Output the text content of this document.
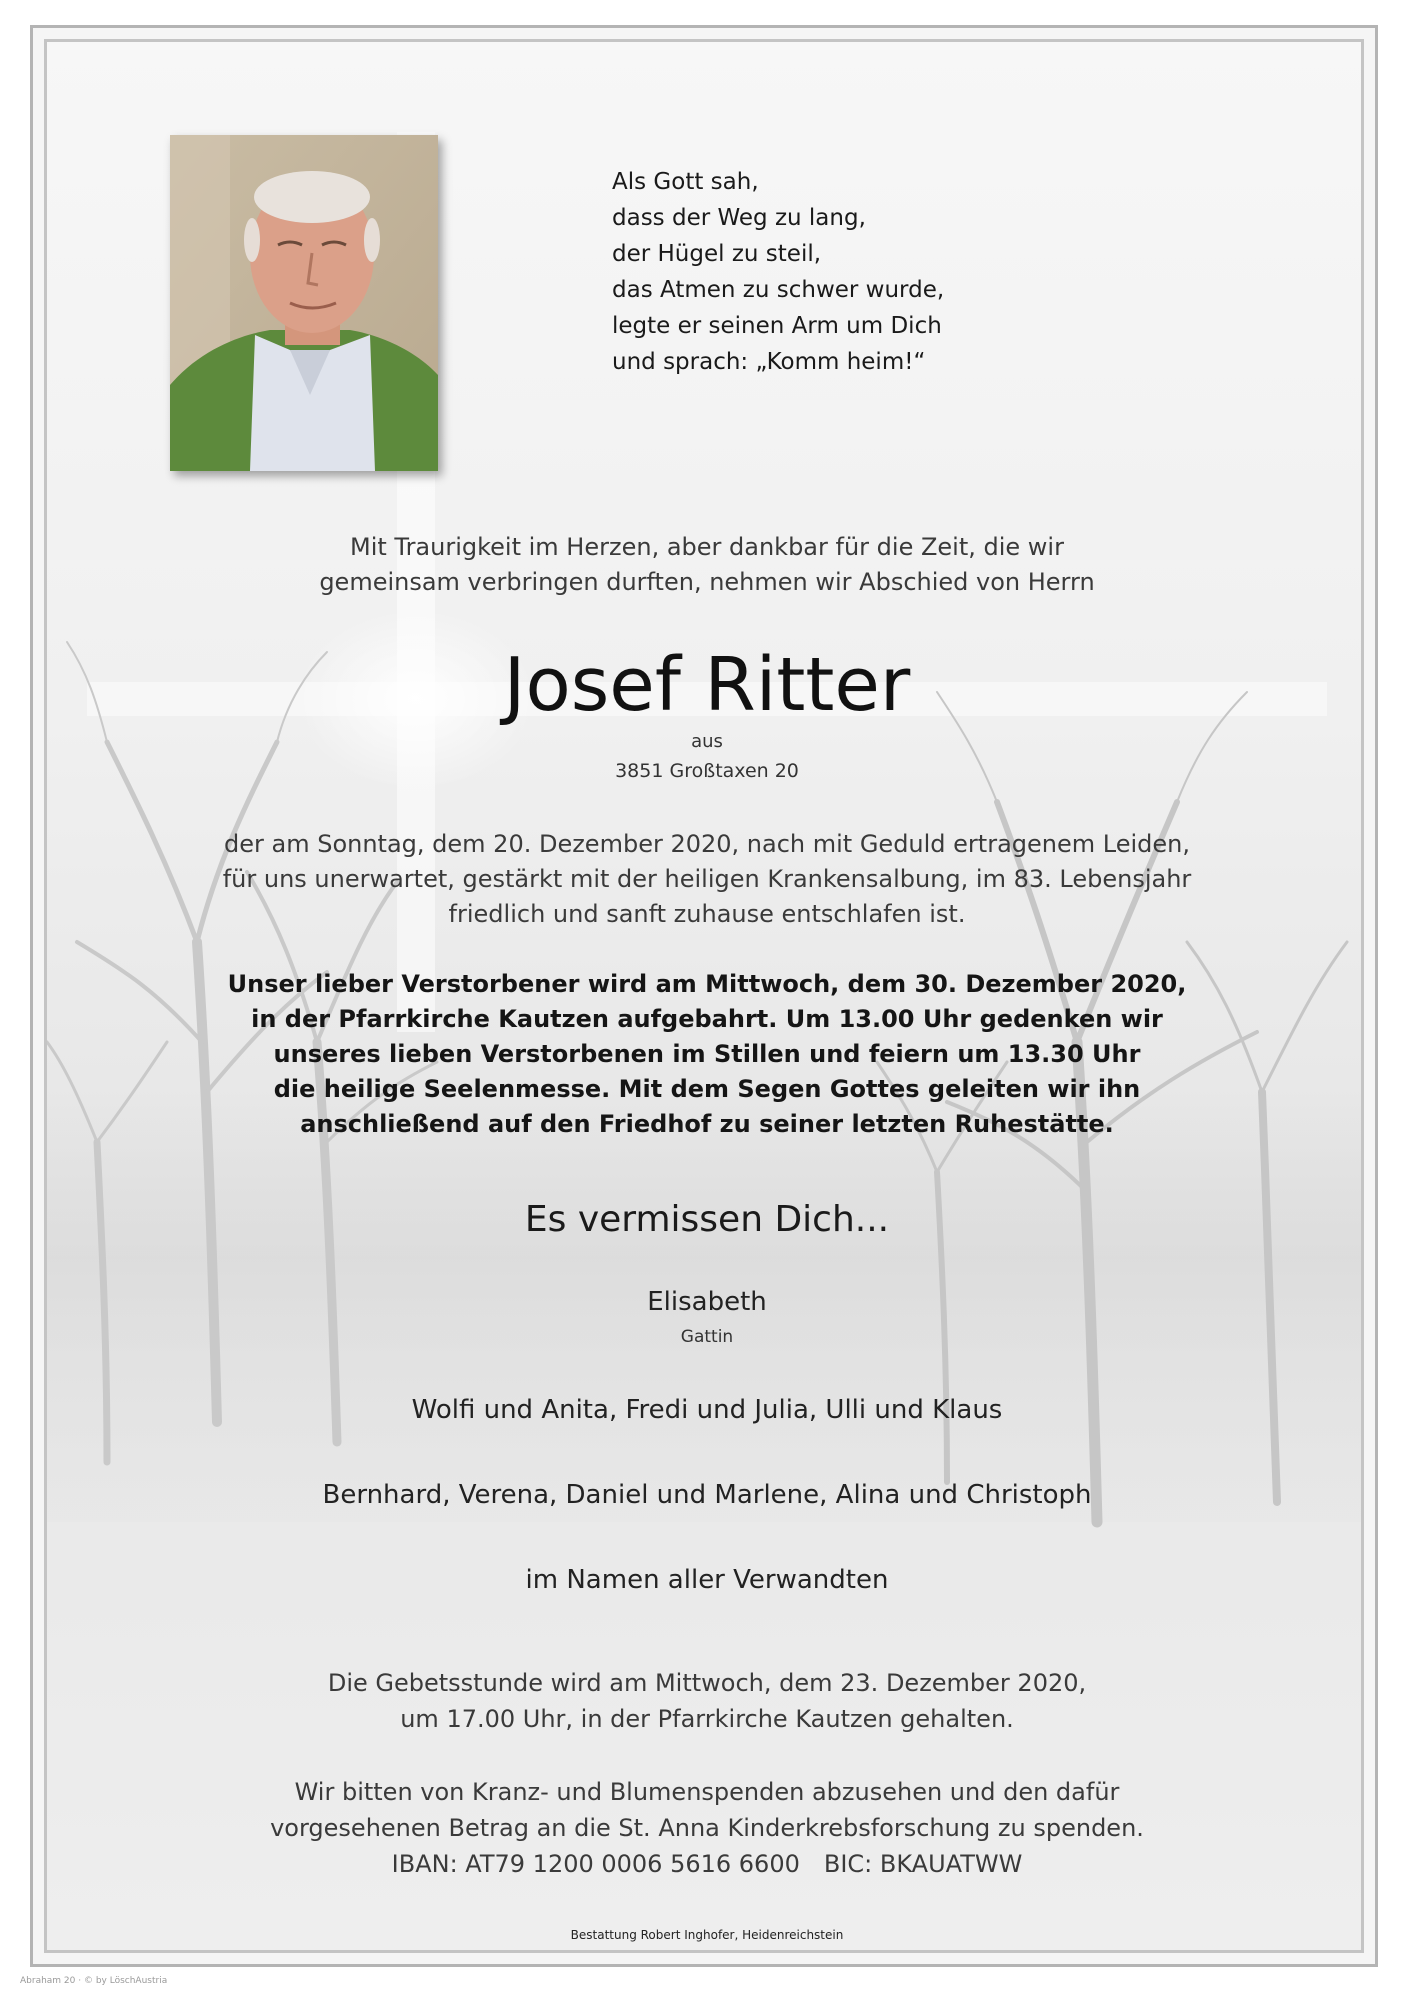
Als Gott sah,
dass der Weg zu lang,
der Hügel zu steil,
das Atmen zu schwer wurde,
legte er seinen Arm um Dich
und sprach: „Komm heim!“
Mit Traurigkeit im Herzen, aber dankbar für die Zeit, die wir
gemeinsam verbringen durften, nehmen wir Abschied von Herrn
Josef Ritter
aus
3851 Großtaxen 20
der am Sonntag, dem 20. Dezember 2020, nach mit Geduld ertragenem Leiden,
für uns unerwartet, gestärkt mit der heiligen Krankensalbung, im 83. Lebensjahr
friedlich und sanft zuhause entschlafen ist.
Unser lieber Verstorbener wird am Mittwoch, dem 30. Dezember 2020,
in der Pfarrkirche Kautzen aufgebahrt. Um 13.00 Uhr gedenken wir
unseres lieben Verstorbenen im Stillen und feiern um 13.30 Uhr
die heilige Seelenmesse. Mit dem Segen Gottes geleiten wir ihn
anschließend auf den Friedhof zu seiner letzten Ruhestätte.
Es vermissen Dich...
Elisabeth
Gattin
Wolfi und Anita, Fredi und Julia, Ulli und Klaus
Bernhard, Verena, Daniel und Marlene, Alina und Christoph
im Namen aller Verwandten
Die Gebetsstunde wird am Mittwoch, dem 23. Dezember 2020,
um 17.00 Uhr, in der Pfarrkirche Kautzen gehalten.
Wir bitten von Kranz- und Blumenspenden abzusehen und den dafür
vorgesehenen Betrag an die St. Anna Kinderkrebsforschung zu spenden.
IBAN: AT79 1200 0006 5616 6600 BIC: BKAUATWW
Bestattung Robert Inghofer, Heidenreichstein
Abraham 20 · © by LöschAustria
